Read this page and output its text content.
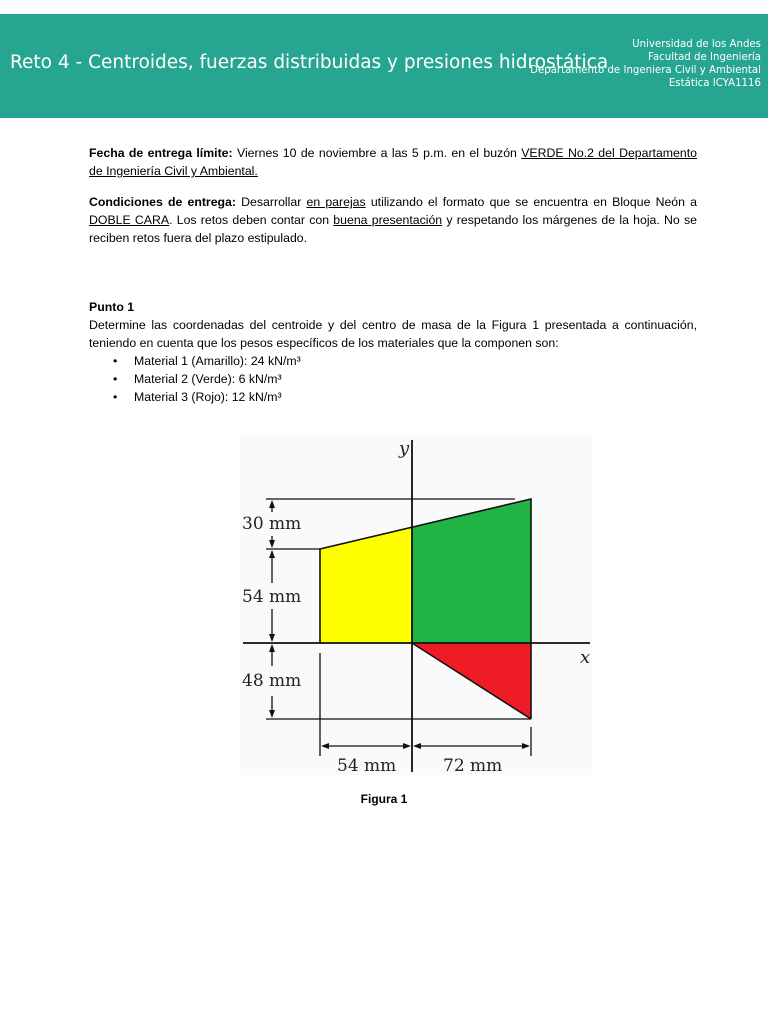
Reto 4 - Centroides, fuerzas distribuidas y presiones hidrostática
Universidad de los Andes
Facultad de Ingeniería
Departamento de Ingeniera Civil y Ambiental
Estática ICYA1116
Fecha de entrega límite: Viernes 10 de noviembre a las 5 p.m. en el buzón VERDE No.2 del Departamento de Ingeniería Civil y Ambiental.
Condiciones de entrega: Desarrollar en parejas utilizando el formato que se encuentra en Bloque Neón a DOBLE CARA. Los retos deben contar con buena presentación y respetando los márgenes de la hoja. No se reciben retos fuera del plazo estipulado.
Punto 1
Determine las coordenadas del centroide y del centro de masa de la Figura 1 presentada a continuación, teniendo en cuenta que los pesos específicos de los materiales que la componen son:
• Material 1 (Amarillo): 24 kN/m³
• Material 2 (Verde): 6 kN/m³
• Material 3 (Rojo): 12 kN/m³
y
x
30 mm
54 mm
48 mm
54 mm	72 mm
Figura 1
